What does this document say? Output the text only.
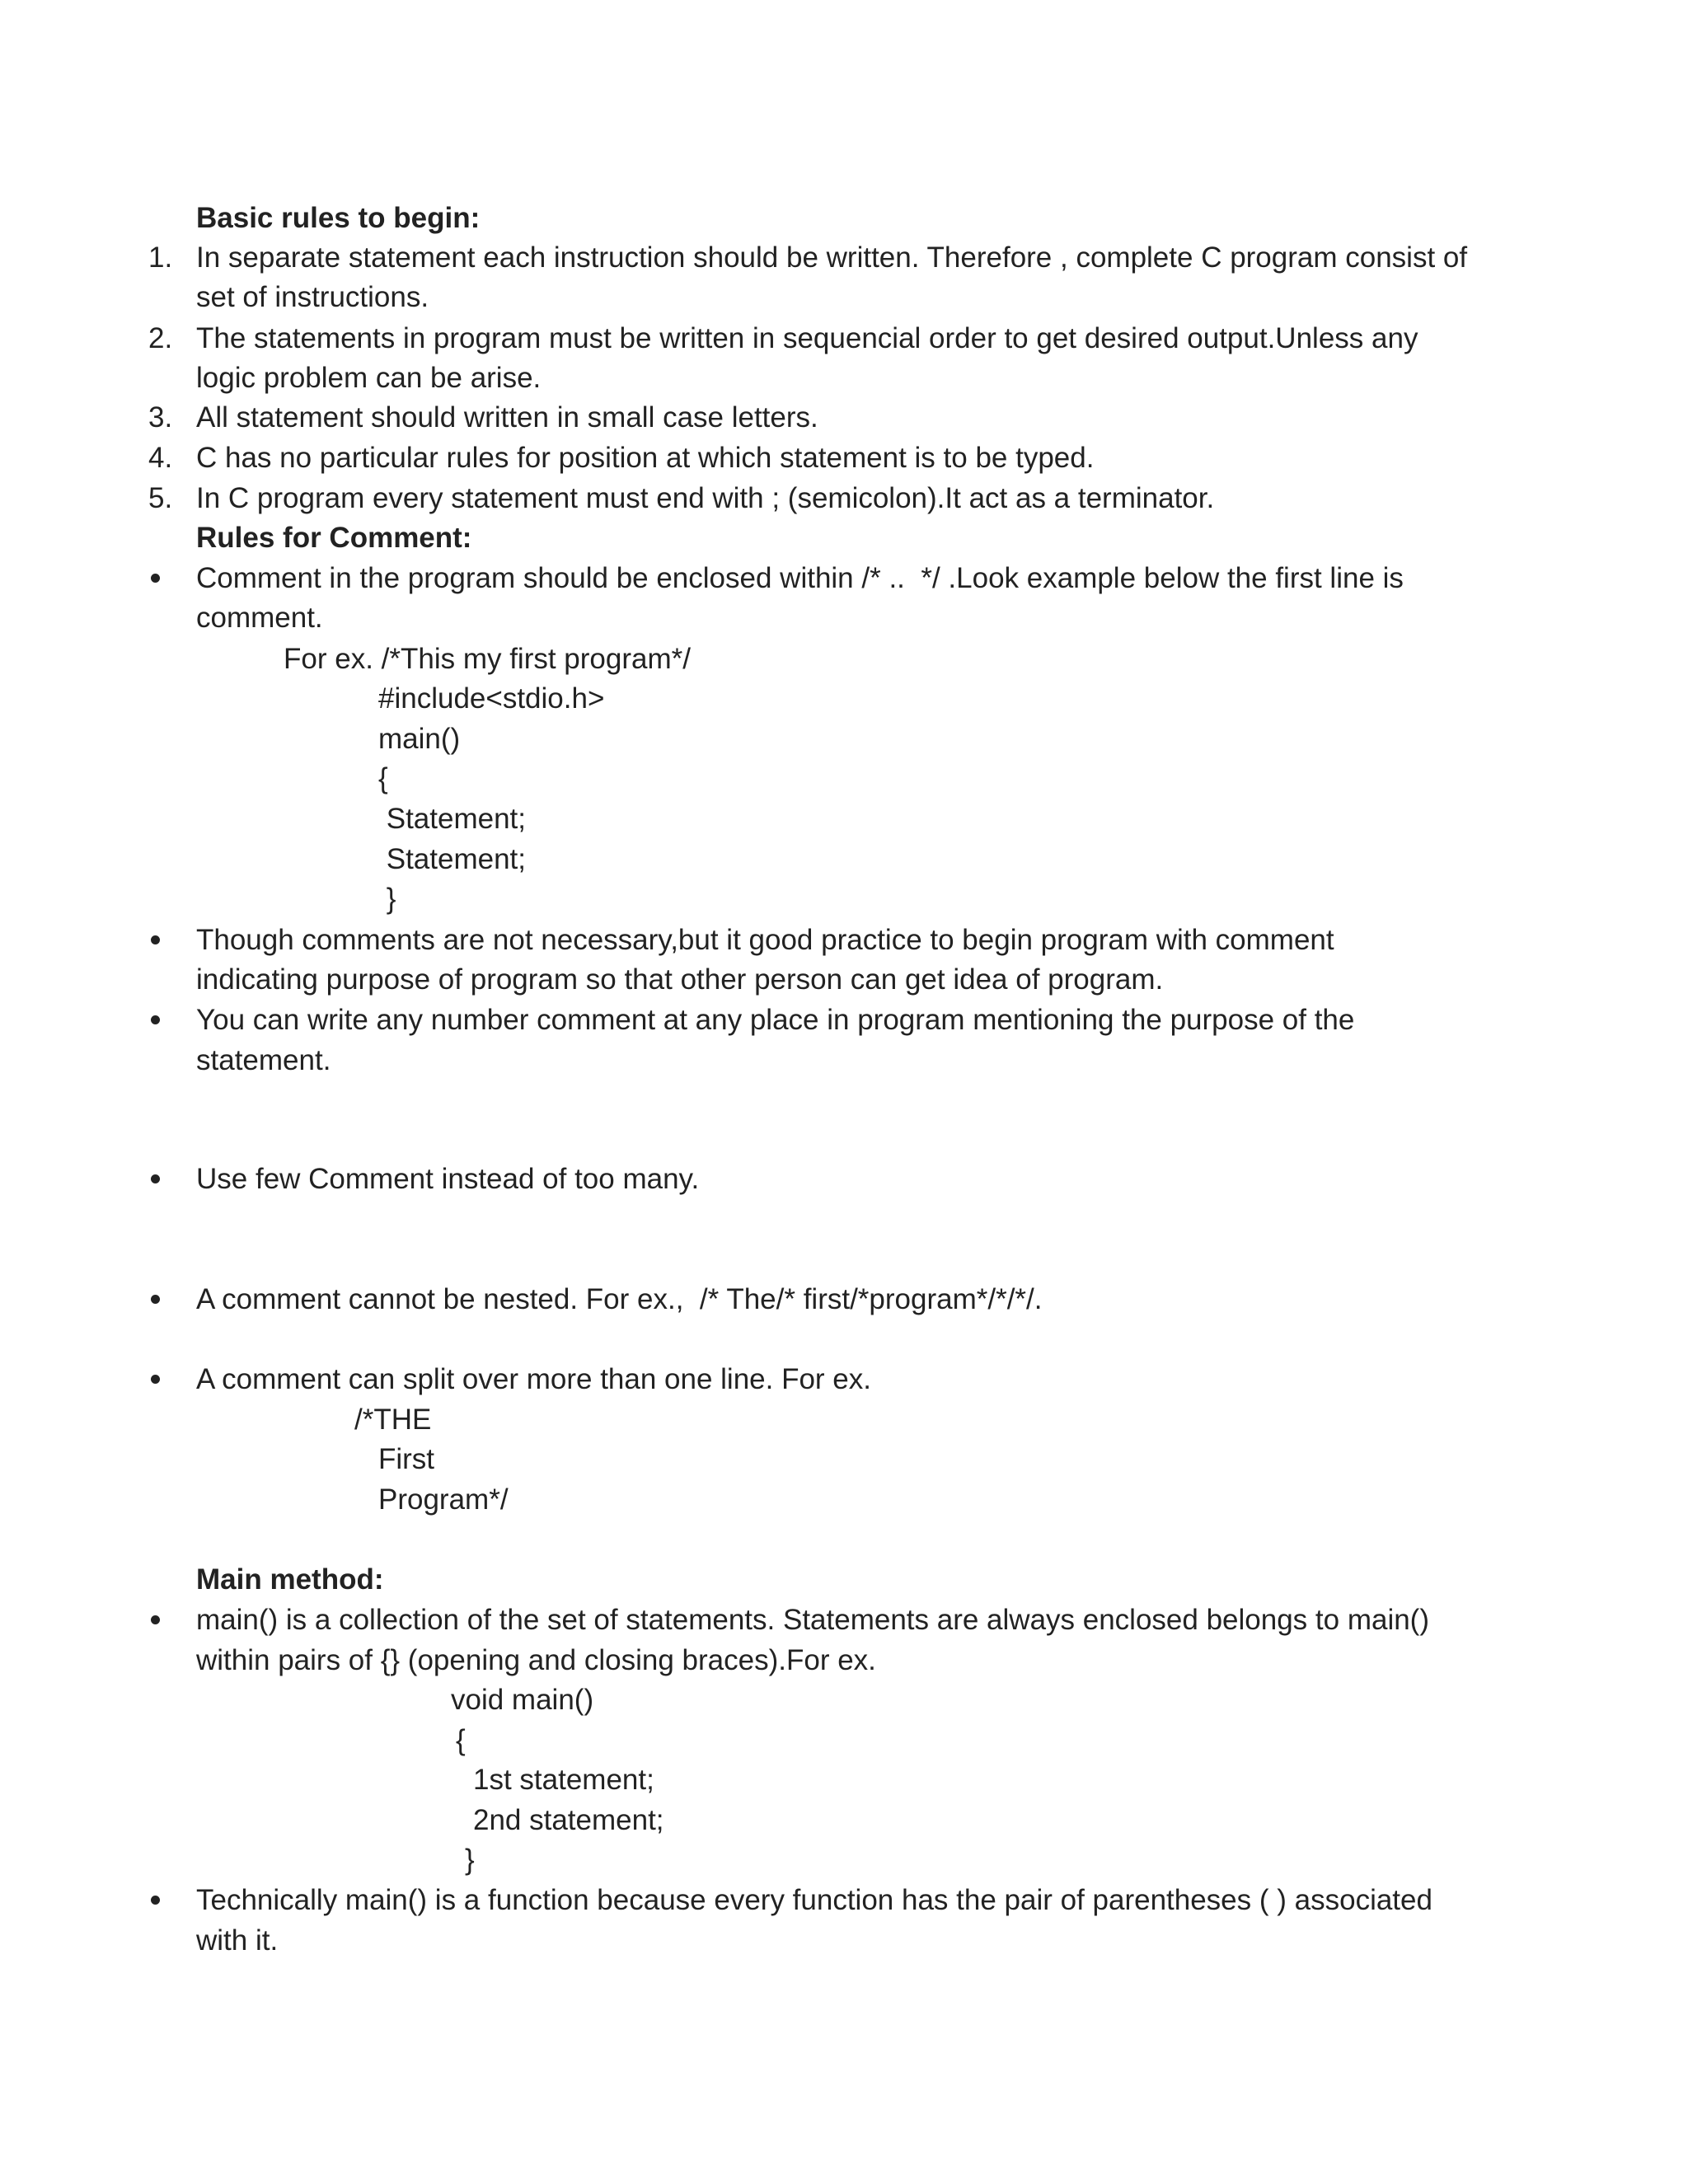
Basic rules to begin:
1. In separate statement each instruction should be written. Therefore , complete C program consist of
set of instructions.
2. The statements in program must be written in sequencial order to get desired output.Unless any
logic problem can be arise.
3. All statement should written in small case letters.
4. C has no particular rules for position at which statement is to be typed.
5. In C program every statement must end with ; (semicolon).It act as a terminator.
Rules for Comment:
Comment in the program should be enclosed within /* ..  */ .Look example below the first line is
comment.
For ex. /*This my first program*/
#include<stdio.h>
main()
{
Statement;
Statement;
}
Though comments are not necessary,but it good practice to begin program with comment
indicating purpose of program so that other person can get idea of program.
You can write any number comment at any place in program mentioning the purpose of the
statement.
Use few Comment instead of too many.
A comment cannot be nested. For ex.,  /* The/* first/*program*/*/*/.
A comment can split over more than one line. For ex.
/*THE
First
Program*/
Main method:
main() is a collection of the set of statements. Statements are always enclosed belongs to main()
within pairs of {} (opening and closing braces).For ex.
void main()
{
1st statement;
2nd statement;
}
Technically main() is a function because every function has the pair of parentheses ( ) associated
with it.
